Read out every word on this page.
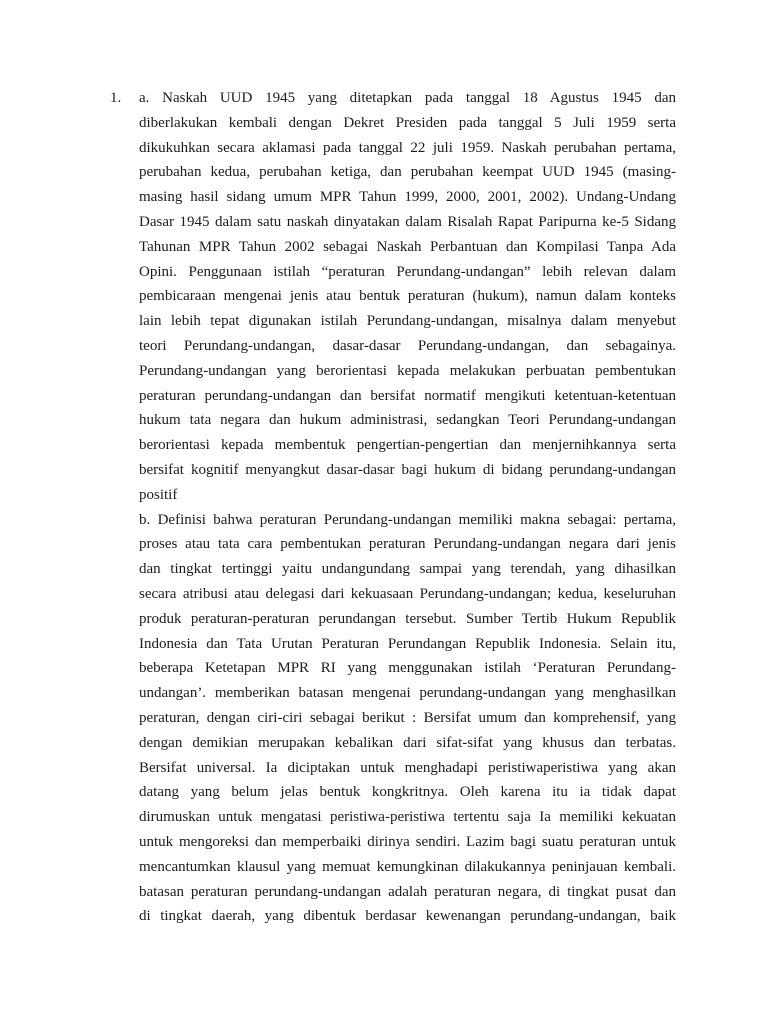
1. a. Naskah UUD 1945 yang ditetapkan pada tanggal 18 Agustus 1945 dan
diberlakukan kembali dengan Dekret Presiden pada tanggal 5 Juli 1959 serta
dikukuhkan secara aklamasi pada tanggal 22 juli 1959. Naskah perubahan pertama,
perubahan kedua, perubahan ketiga, dan perubahan keempat UUD 1945 (masing-
masing hasil sidang umum MPR Tahun 1999, 2000, 2001, 2002). Undang-Undang
Dasar 1945 dalam satu naskah dinyatakan dalam Risalah Rapat Paripurna ke-5 Sidang
Tahunan MPR Tahun 2002 sebagai Naskah Perbantuan dan Kompilasi Tanpa Ada
Opini. Penggunaan istilah “peraturan Perundang-undangan” lebih relevan dalam
pembicaraan mengenai jenis atau bentuk peraturan (hukum), namun dalam konteks
lain lebih tepat digunakan istilah Perundang-undangan, misalnya dalam menyebut
teori Perundang-undangan, dasar-dasar Perundang-undangan, dan sebagainya.
Perundang-undangan yang berorientasi kepada melakukan perbuatan pembentukan
peraturan perundang-undangan dan bersifat normatif mengikuti ketentuan-ketentuan
hukum tata negara dan hukum administrasi, sedangkan Teori Perundang-undangan
berorientasi kepada membentuk pengertian-pengertian dan menjernihkannya serta
bersifat kognitif menyangkut dasar-dasar bagi hukum di bidang perundang-undangan
positif
b. Definisi bahwa peraturan Perundang-undangan memiliki makna sebagai: pertama,
proses atau tata cara pembentukan peraturan Perundang-undangan negara dari jenis
dan tingkat tertinggi yaitu undangundang sampai yang terendah, yang dihasilkan
secara atribusi atau delegasi dari kekuasaan Perundang-undangan; kedua, keseluruhan
produk peraturan-peraturan perundangan tersebut. Sumber Tertib Hukum Republik
Indonesia dan Tata Urutan Peraturan Perundangan Republik Indonesia. Selain itu,
beberapa Ketetapan MPR RI yang menggunakan istilah ‘Peraturan Perundang-
undangan’. memberikan batasan mengenai perundang-undangan yang menghasilkan
peraturan, dengan ciri-ciri sebagai berikut : Bersifat umum dan komprehensif, yang
dengan demikian merupakan kebalikan dari sifat-sifat yang khusus dan terbatas.
Bersifat universal. Ia diciptakan untuk menghadapi peristiwaperistiwa yang akan
datang yang belum jelas bentuk kongkritnya. Oleh karena itu ia tidak dapat
dirumuskan untuk mengatasi peristiwa-peristiwa tertentu saja Ia memiliki kekuatan
untuk mengoreksi dan memperbaiki dirinya sendiri. Lazim bagi suatu peraturan untuk
mencantumkan klausul yang memuat kemungkinan dilakukannya peninjauan kembali.
batasan peraturan perundang-undangan adalah peraturan negara, di tingkat pusat dan
di tingkat daerah, yang dibentuk berdasar kewenangan perundang-undangan, baik
